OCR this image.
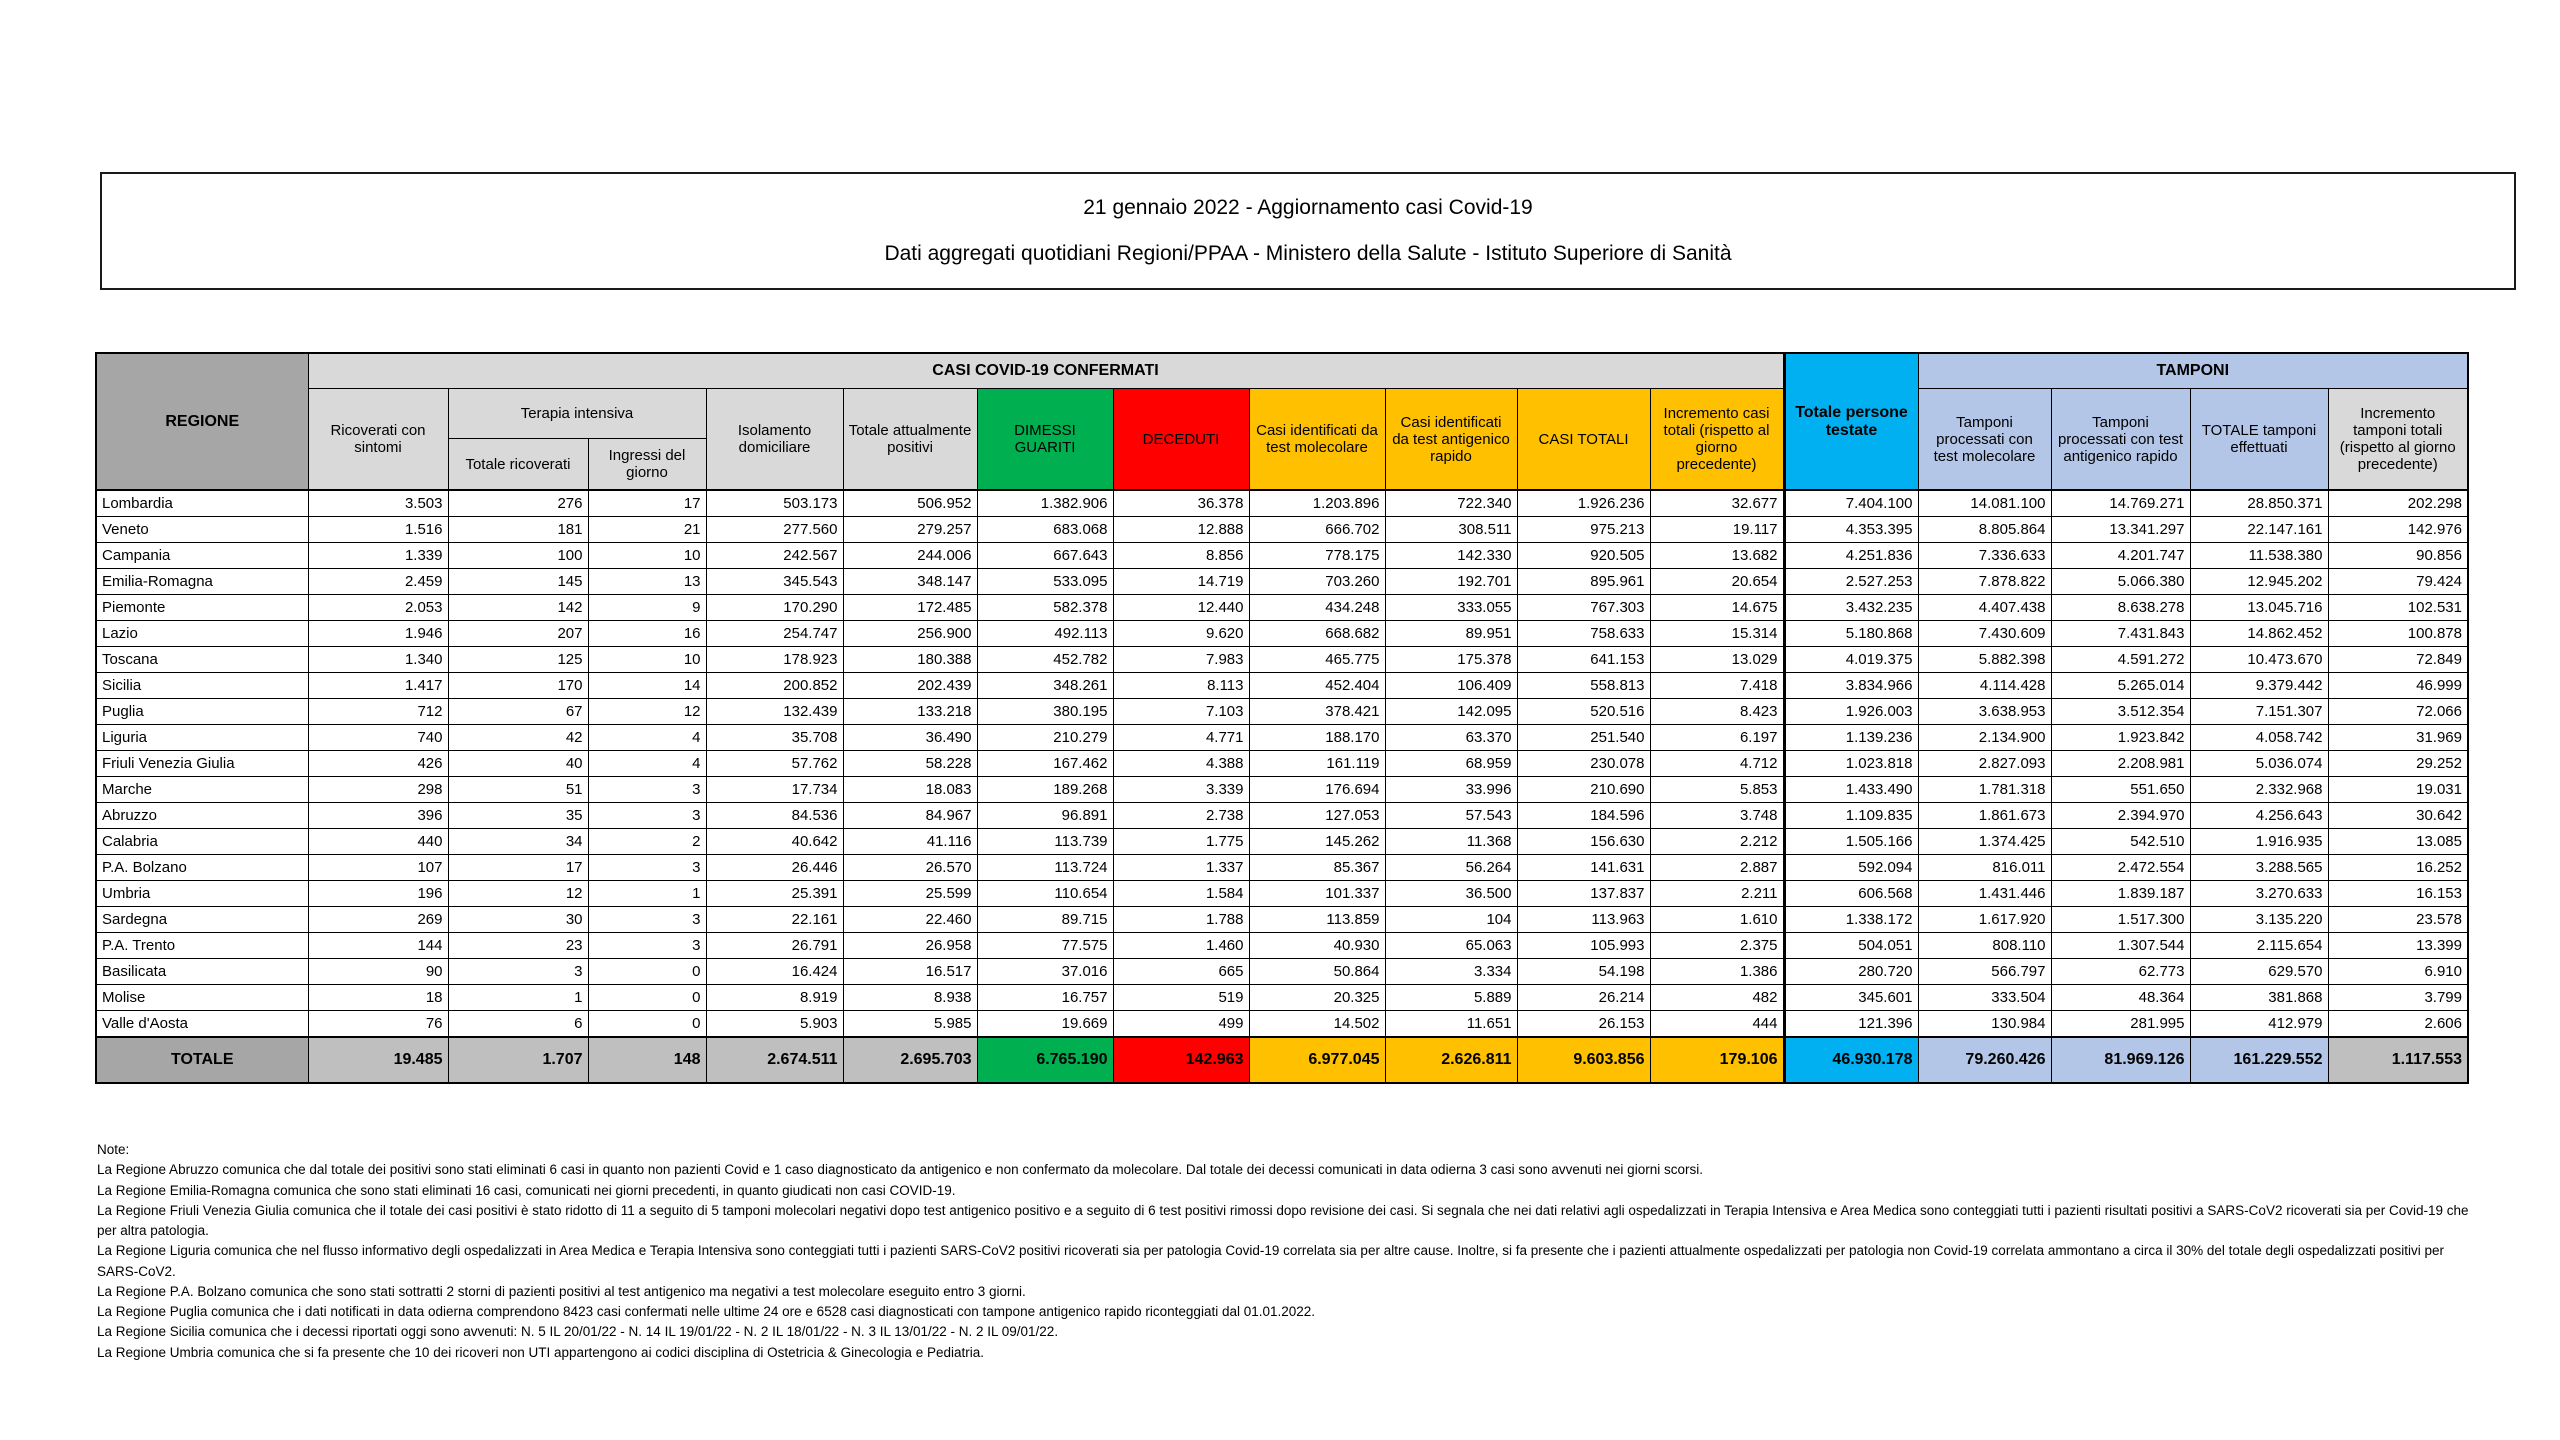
21 gennaio 2022 - Aggiornamento casi Covid-19
Dati aggregati quotidiani Regioni/PPAA - Ministero della Salute - Istituto Superiore di Sanità
REGIONE	CASI COVID-19 CONFERMATI											Totale persone testate	TAMPONI			
	Ricoverati con sintomi	Terapia intensiva		Isolamento domiciliare	Totale attualmente positivi	DIMESSI GUARITI	DECEDUTI	Casi identificati da test molecolare	Casi identificati da test antigenico rapido	CASI TOTALI	Incremento casi totali (rispetto al giorno precedente)		Tamponi processati con test molecolare	Tamponi processati con test antigenico rapido	TOTALE tamponi effettuati	Incremento tamponi totali (rispetto al giorno precedente)
		Totale ricoverati	Ingressi del giorno													
Lombardia	3.503	276	17	503.173	506.952	1.382.906	36.378	1.203.896	722.340	1.926.236	32.677	7.404.100	14.081.100	14.769.271	28.850.371	202.298
Veneto	1.516	181	21	277.560	279.257	683.068	12.888	666.702	308.511	975.213	19.117	4.353.395	8.805.864	13.341.297	22.147.161	142.976
Campania	1.339	100	10	242.567	244.006	667.643	8.856	778.175	142.330	920.505	13.682	4.251.836	7.336.633	4.201.747	11.538.380	90.856
Emilia-Romagna	2.459	145	13	345.543	348.147	533.095	14.719	703.260	192.701	895.961	20.654	2.527.253	7.878.822	5.066.380	12.945.202	79.424
Piemonte	2.053	142	9	170.290	172.485	582.378	12.440	434.248	333.055	767.303	14.675	3.432.235	4.407.438	8.638.278	13.045.716	102.531
Lazio	1.946	207	16	254.747	256.900	492.113	9.620	668.682	89.951	758.633	15.314	5.180.868	7.430.609	7.431.843	14.862.452	100.878
Toscana	1.340	125	10	178.923	180.388	452.782	7.983	465.775	175.378	641.153	13.029	4.019.375	5.882.398	4.591.272	10.473.670	72.849
Sicilia	1.417	170	14	200.852	202.439	348.261	8.113	452.404	106.409	558.813	7.418	3.834.966	4.114.428	5.265.014	9.379.442	46.999
Puglia	712	67	12	132.439	133.218	380.195	7.103	378.421	142.095	520.516	8.423	1.926.003	3.638.953	3.512.354	7.151.307	72.066
Liguria	740	42	4	35.708	36.490	210.279	4.771	188.170	63.370	251.540	6.197	1.139.236	2.134.900	1.923.842	4.058.742	31.969
Friuli Venezia Giulia	426	40	4	57.762	58.228	167.462	4.388	161.119	68.959	230.078	4.712	1.023.818	2.827.093	2.208.981	5.036.074	29.252
Marche	298	51	3	17.734	18.083	189.268	3.339	176.694	33.996	210.690	5.853	1.433.490	1.781.318	551.650	2.332.968	19.031
Abruzzo	396	35	3	84.536	84.967	96.891	2.738	127.053	57.543	184.596	3.748	1.109.835	1.861.673	2.394.970	4.256.643	30.642
Calabria	440	34	2	40.642	41.116	113.739	1.775	145.262	11.368	156.630	2.212	1.505.166	1.374.425	542.510	1.916.935	13.085
P.A. Bolzano	107	17	3	26.446	26.570	113.724	1.337	85.367	56.264	141.631	2.887	592.094	816.011	2.472.554	3.288.565	16.252
Umbria	196	12	1	25.391	25.599	110.654	1.584	101.337	36.500	137.837	2.211	606.568	1.431.446	1.839.187	3.270.633	16.153
Sardegna	269	30	3	22.161	22.460	89.715	1.788	113.859	104	113.963	1.610	1.338.172	1.617.920	1.517.300	3.135.220	23.578
P.A. Trento	144	23	3	26.791	26.958	77.575	1.460	40.930	65.063	105.993	2.375	504.051	808.110	1.307.544	2.115.654	13.399
Basilicata	90	3	0	16.424	16.517	37.016	665	50.864	3.334	54.198	1.386	280.720	566.797	62.773	629.570	6.910
Molise	18	1	0	8.919	8.938	16.757	519	20.325	5.889	26.214	482	345.601	333.504	48.364	381.868	3.799
Valle d'Aosta	76	6	0	5.903	5.985	19.669	499	14.502	11.651	26.153	444	121.396	130.984	281.995	412.979	2.606
TOTALE	19.485	1.707	148	2.674.511	2.695.703	6.765.190	142.963	6.977.045	2.626.811	9.603.856	179.106	46.930.178	79.260.426	81.969.126	161.229.552	1.117.553

Note:

La Regione Abruzzo comunica che dal totale dei positivi sono stati eliminati 6 casi in quanto non pazienti Covid e 1 caso diagnosticato da antigenico e non confermato da molecolare. Dal totale dei decessi comunicati in data odierna 3 casi sono avvenuti nei giorni scorsi.

La Regione Emilia-Romagna comunica che sono stati eliminati 16 casi, comunicati nei giorni precedenti, in quanto giudicati non casi COVID-19.

La Regione Friuli Venezia Giulia comunica che il totale dei casi positivi è stato ridotto di 11 a seguito di 5 tamponi molecolari negativi dopo test antigenico positivo e a seguito di 6 test positivi rimossi dopo revisione dei casi. Si segnala che nei dati relativi agli ospedalizzati in Terapia Intensiva e Area Medica sono conteggiati tutti i pazienti risultati positivi a SARS-CoV2 ricoverati sia per Covid-19 che per altra patologia.

La Regione Liguria comunica che nel flusso informativo degli ospedalizzati in Area Medica e Terapia Intensiva sono conteggiati tutti i pazienti SARS-CoV2 positivi ricoverati sia per patologia Covid-19 correlata sia per altre cause. Inoltre, si fa presente che i pazienti attualmente ospedalizzati per patologia non Covid-19 correlata ammontano a circa il 30% del totale degli ospedalizzati positivi per SARS-CoV2.

La Regione P.A. Bolzano comunica che sono stati sottratti 2 storni di pazienti positivi al test antigenico ma negativi a test molecolare eseguito entro 3 giorni.

La Regione Puglia comunica che i dati notificati in data odierna comprendono 8423 casi confermati nelle ultime 24 ore e 6528 casi diagnosticati con tampone antigenico rapido riconteggiati dal 01.01.2022.

La Regione Sicilia comunica che i decessi riportati oggi sono avvenuti: N. 5 IL 20/01/22 - N. 14 IL 19/01/22 - N. 2 IL 18/01/22 - N. 3 IL 13/01/22 - N. 2 IL 09/01/22.

La Regione Umbria comunica che si fa presente che 10 dei ricoveri non UTI appartengono ai codici disciplina di Ostetricia & Ginecologia e Pediatria.
